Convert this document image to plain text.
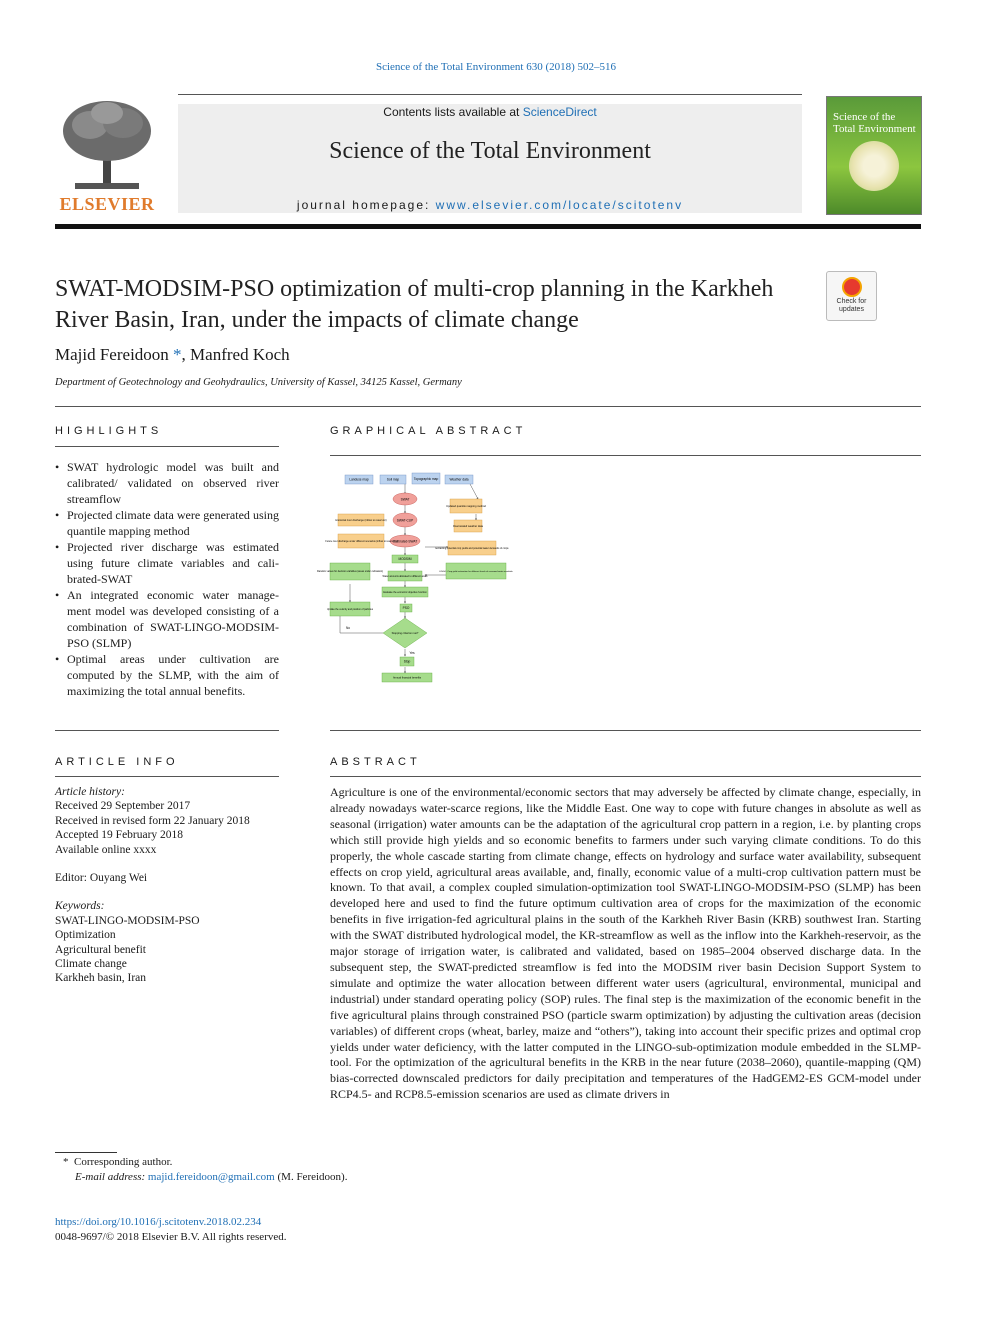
Science of the Total Environment 630 (2018) 502–516
ELSEVIER
Contents lists available at ScienceDirect
Science of the Total Environment
journal homepage: www.elsevier.com/locate/scitotenv
Science of the Total Environment
SWAT-MODSIM-PSO optimization of multi-crop planning in the Karkheh River Basin, Iran, under the impacts of climate change
Check for
updates
Majid Fereidoon *, Manfred Koch
Department of Geotechnology and Geohydraulics, University of Kassel, 34125 Kassel, Germany
HIGHLIGHTS
• SWAT hydrologic model was built and calibrated/ validated on observed river streamflow
• Projected climate data were generated using quantile mapping method
• Projected river discharge was estimated using future climate variables and cali-brated-SWAT
• An integrated economic water manage-ment model was developed consisting of a combination of SWAT-LINGO-MODSIM-PSO (SLMP)
• Optimal areas under cultivation are computed by the SLMP, with the aim of maximizing the total annual benefits.
GRAPHICAL ABSTRACT
Landuse map	Soil map	Topographic map	Weather data
SWAT
SWAT-CUP
Calibrated-SWAT
Historical river discharge (inflow to reservoir)
Future river discharge under different scenarios (inflow to reservoir)
Updated quantile mapping method
Downscaled weather data
Extracting potential crop yields and potential water demands of crops
MODSIM
Random values for decision variables (areas under cultivation)
Water amounts allocated to different areas
LINGO: Crop yield estimation for different levels of assumed water available
Evaluate the economic objective function
Update the velocity and position of particles	PSO
Stopping criterion met?
No
Yes
Stop
Annual financial benefits
ARTICLE INFO
Article history:
Received 29 September 2017
Received in revised form 22 January 2018
Accepted 19 February 2018
Available online xxxx
Editor: Ouyang Wei
Keywords:
SWAT-LINGO-MODSIM-PSO
Optimization
Agricultural benefit
Climate change
Karkheh basin, Iran
ABSTRACT
Agriculture is one of the environmental/economic sectors that may adversely be affected by climate change, especially, in already nowadays water-scarce regions, like the Middle East. One way to cope with future changes in absolute as well as seasonal (irrigation) water amounts can be the adaptation of the agricultural crop pattern in a region, i.e. by planting crops which still provide high yields and so economic benefits to farmers under such varying climate conditions. To do this properly, the whole cascade starting from climate change, effects on hydrology and surface water availability, subsequent effects on crop yield, agricultural areas available, and, finally, economic value of a multi-crop cultivation pattern must be known. To that avail, a complex coupled simulation-optimization tool SWAT-LINGO-MODSIM-PSO (SLMP) has been developed here and used to find the future optimum cultivation area of crops for the maximization of the economic benefits in five irrigation-fed agricultural plains in the south of the Karkheh River Basin (KRB) southwest Iran. Starting with the SWAT distributed hydrological model, the KR-streamflow as well as the inflow into the Karkheh-reservoir, as the major storage of irrigation water, is calibrated and validated, based on 1985–2004 observed discharge data. In the subsequent step, the SWAT-predicted streamflow is fed into the MODSIM river basin Decision Support System to simulate and optimize the water allocation between different water users (agricultural, environmental, municipal and industrial) under standard operating policy (SOP) rules. The final step is the maximization of the economic benefit in the five agricultural plains through constrained PSO (particle swarm optimization) by adjusting the cultivation areas (decision variables) of different crops (wheat, barley, maize and “others”), taking into account their specific prizes and optimal crop yields under water deficiency, with the latter computed in the LINGO-sub-optimization module embedded in the SLMP-tool. For the optimization of the agricultural benefits in the KRB in the near future (2038–2060), quantile-mapping (QM) bias-corrected downscaled predictors for daily precipitation and temperatures of the HadGEM2-ES GCM-model under RCP4.5- and RCP8.5-emission scenarios are used as climate drivers in
* Corresponding author.
E-mail address: majid.fereidoon@gmail.com (M. Fereidoon).
https://doi.org/10.1016/j.scitotenv.2018.02.234
0048-9697/© 2018 Elsevier B.V. All rights reserved.
